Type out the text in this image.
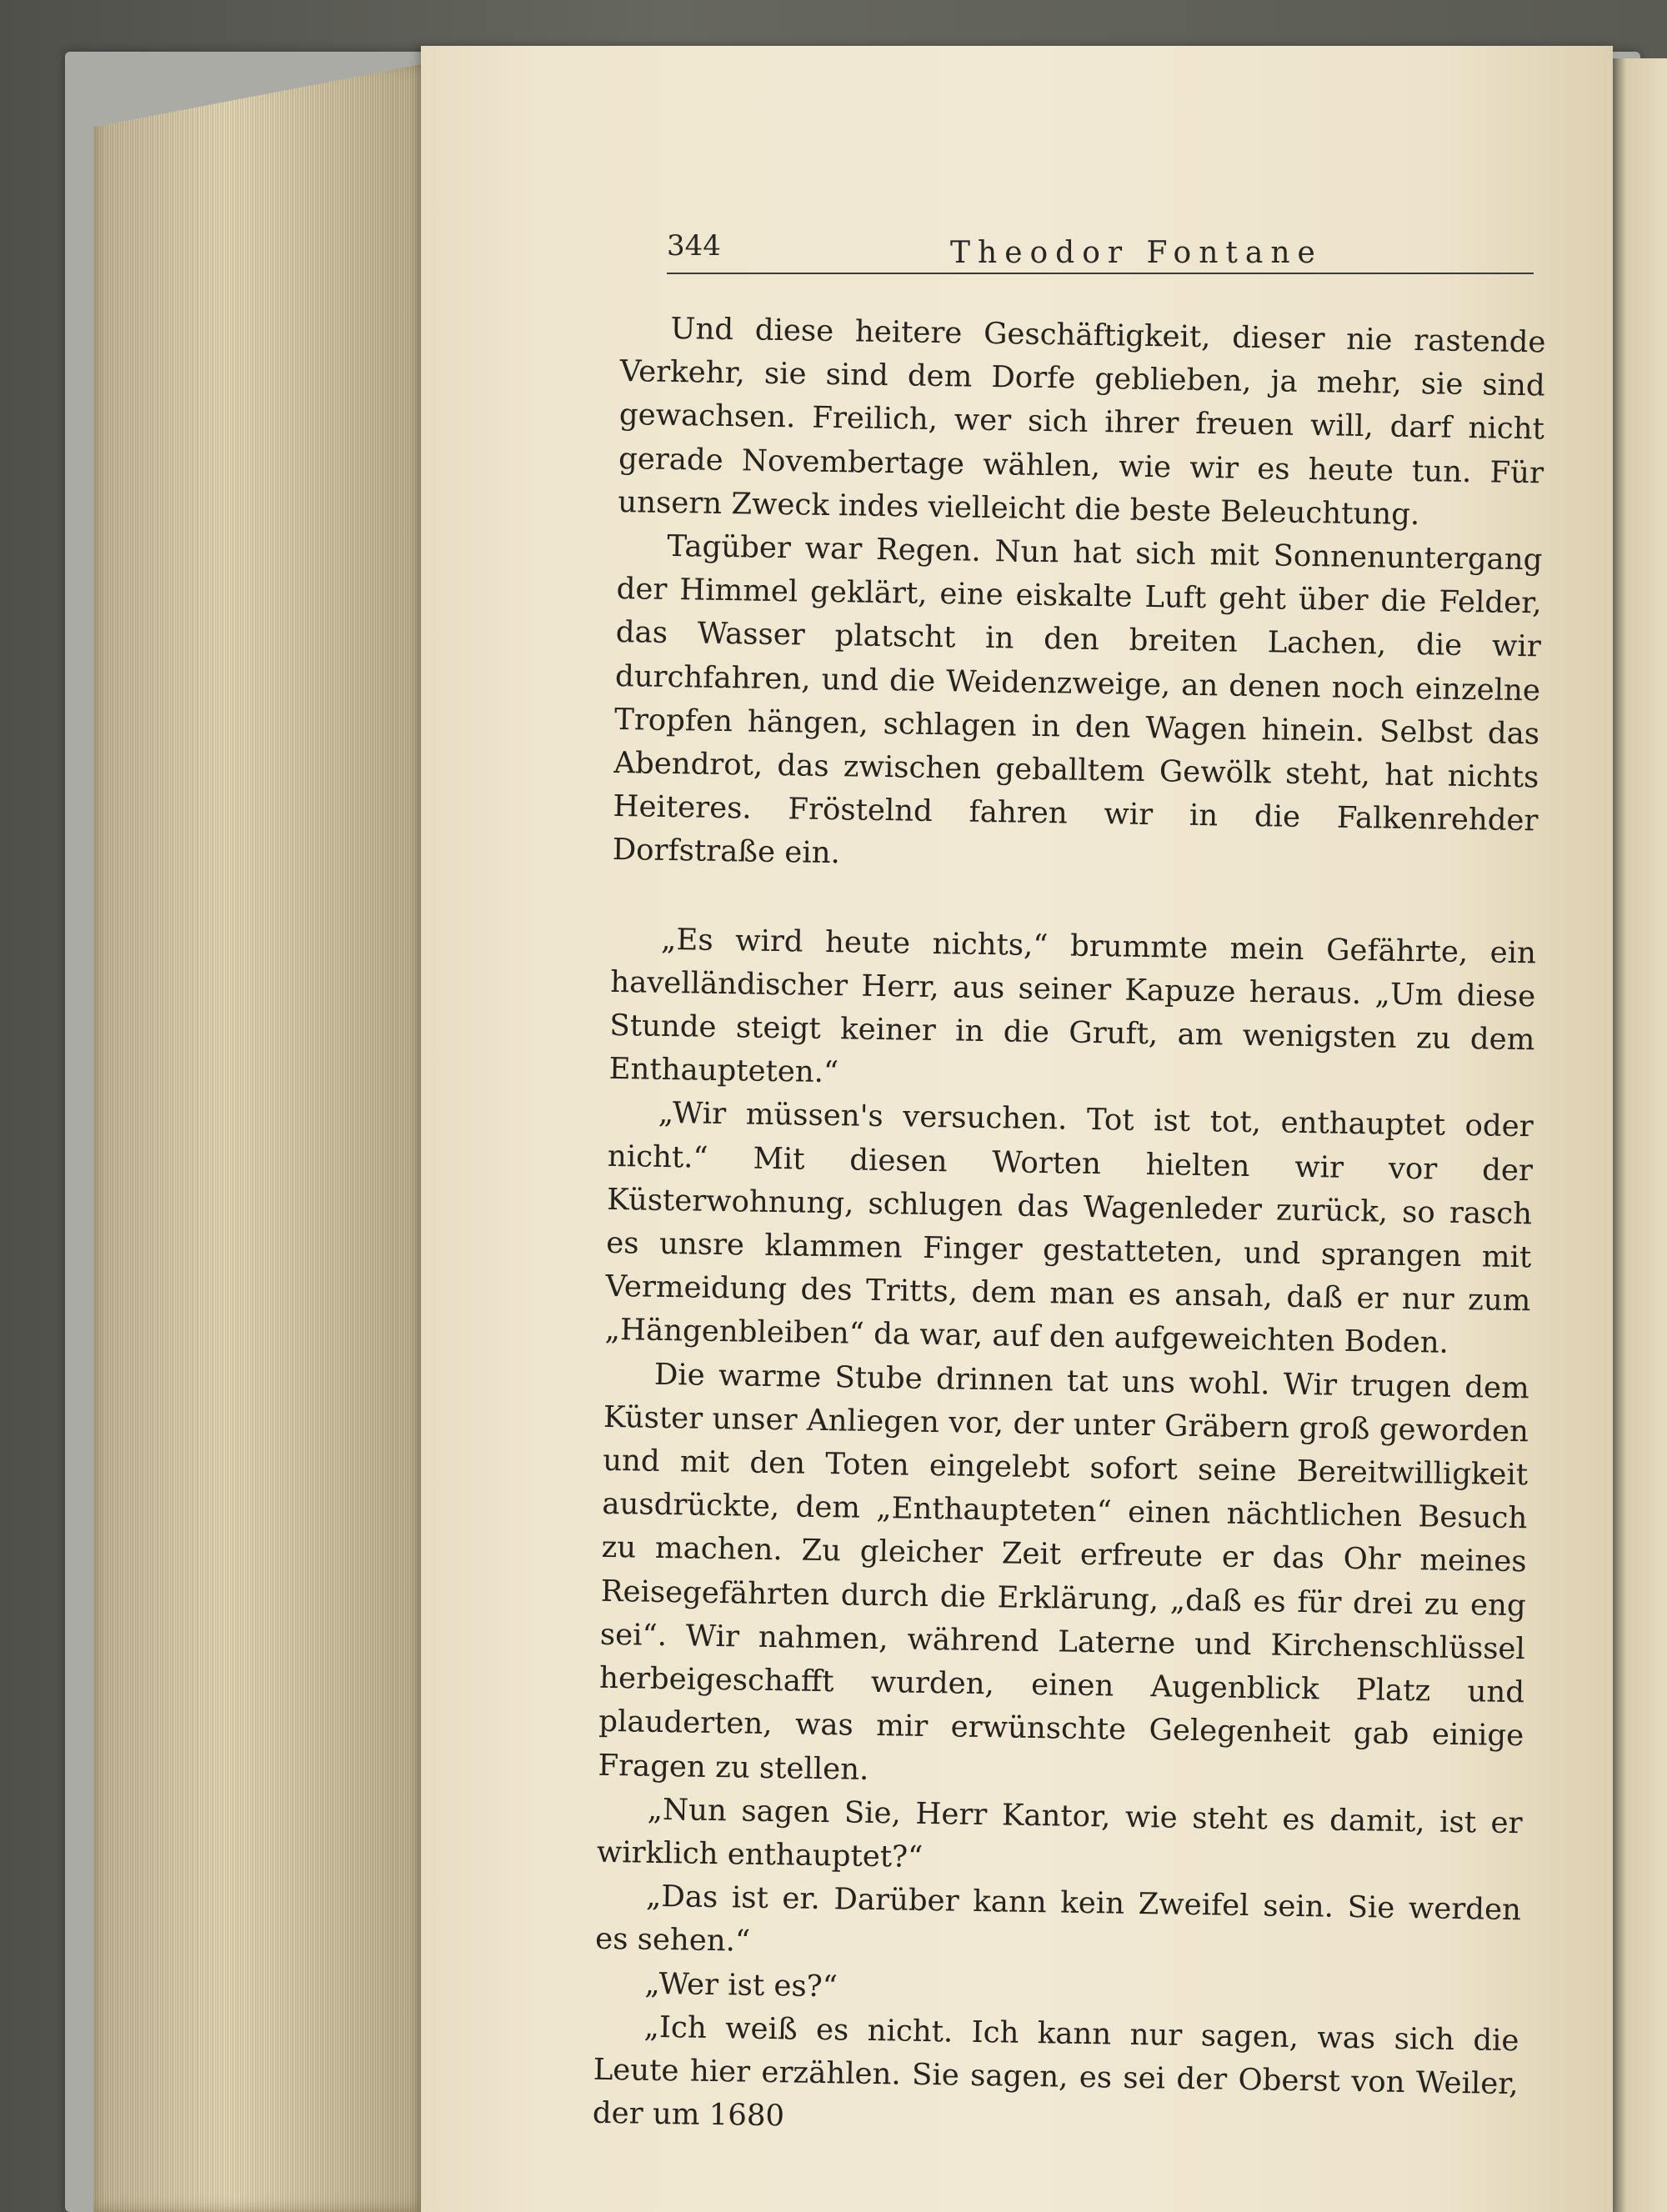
344	Theodor Fontane

Und diese heitere Geschäftigkeit, dieser nie rastende Verkehr, sie sind dem Dorfe geblieben, ja mehr, sie sind gewachsen. Freilich, wer sich ihrer freuen will, darf nicht gerade Novembertage wählen, wie wir es heute tun. Für unsern Zweck indes vielleicht die beste Beleuchtung.

Tagüber war Regen. Nun hat sich mit Sonnenuntergang der Himmel geklärt, eine eiskalte Luft geht über die Felder, das Wasser platscht in den breiten Lachen, die wir durchfahren, und die Weidenzweige, an denen noch einzelne Tropfen hängen, schlagen in den Wagen hinein. Selbst das Abendrot, das zwischen geballtem Gewölk steht, hat nichts Heiteres. Fröstelnd fahren wir in die Falkenrehder Dorfstraße ein.

„Es wird heute nichts,“ brummte mein Gefährte, ein havelländischer Herr, aus seiner Kapuze heraus. „Um diese Stunde steigt keiner in die Gruft, am wenigsten zu dem Enthaupteten.“

„Wir müssen's versuchen. Tot ist tot, enthauptet oder nicht.“ Mit diesen Worten hielten wir vor der Küsterwohnung, schlugen das Wagenleder zurück, so rasch es unsre klammen Finger gestatteten, und sprangen mit Vermeidung des Tritts, dem man es ansah, daß er nur zum „Hängenbleiben“ da war, auf den aufgeweichten Boden.

Die warme Stube drinnen tat uns wohl. Wir trugen dem Küster unser Anliegen vor, der unter Gräbern groß geworden und mit den Toten eingelebt sofort seine Bereitwilligkeit ausdrückte, dem „Enthaupteten“ einen nächtlichen Besuch zu machen. Zu gleicher Zeit erfreute er das Ohr meines Reisegefährten durch die Erklärung, „daß es für drei zu eng sei“. Wir nahmen, während Laterne und Kirchenschlüssel herbeigeschafft wurden, einen Augenblick Platz und plauderten, was mir erwünschte Gelegenheit gab einige Fragen zu stellen.

„Nun sagen Sie, Herr Kantor, wie steht es damit, ist er wirklich enthauptet?“

„Das ist er. Darüber kann kein Zweifel sein. Sie werden es sehen.“

„Wer ist es?“

„Ich weiß es nicht. Ich kann nur sagen, was sich die Leute hier erzählen. Sie sagen, es sei der Oberst von Weiler, der um 1680
